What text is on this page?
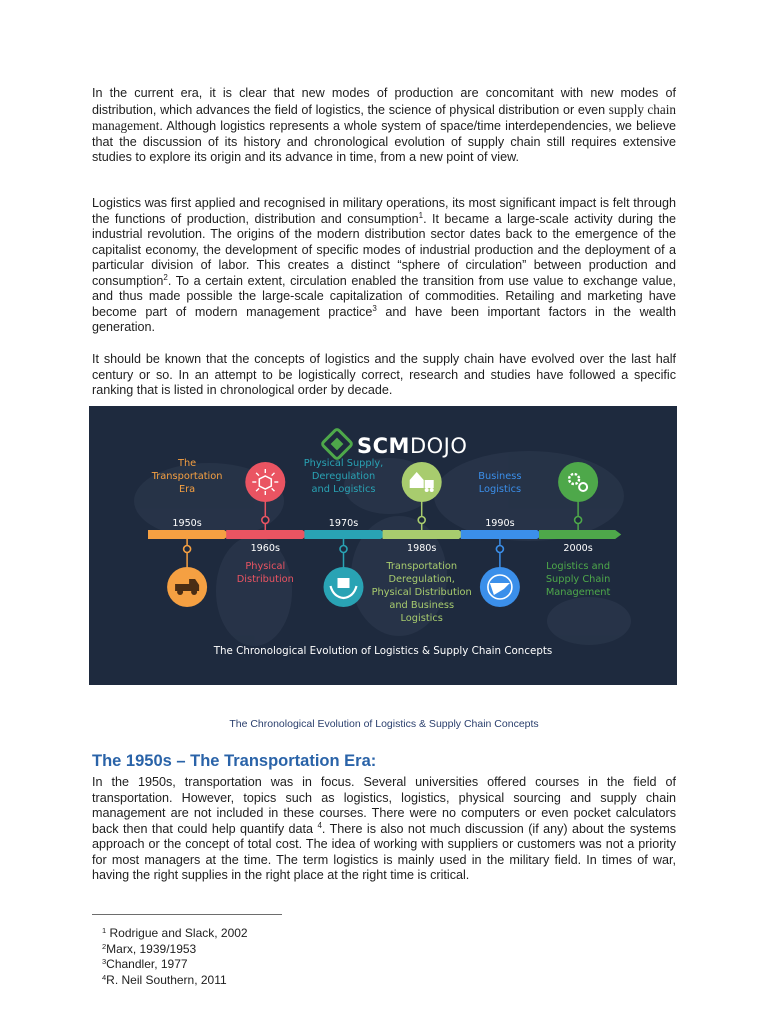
In the current era, it is clear that new modes of production are concomitant with new modes of distribution, which advances the field of logistics, the science of physical distribution or even supply chain management. Although logistics represents a whole system of space/time interdependencies, we believe that the discussion of its history and chronological evolution of supply chain still requires extensive studies to explore its origin and its advance in time, from a new point of view.

Logistics was first applied and recognised in military operations, its most significant impact is felt through the functions of production, distribution and consumption$^1$. It became a large-scale activity during the industrial revolution. The origins of the modern distribution sector dates back to the emergence of the capitalist economy, the development of specific modes of industrial production and the deployment of a particular division of labor. This creates a distinct “sphere of circulation” between production and consumption$^2$. To a certain extent, circulation enabled the transition from use value to exchange value, and thus made possible the large-scale capitalization of commodities. Retailing and marketing have become part of modern management practice$^3$ and have been important factors in the wealth generation.

It should be known that the concepts of logistics and the supply chain have evolved over the last half century or so. In an attempt to be logistically correct, research and studies have followed a specific ranking that is listed in chronological order by decade.

SCMDOJO
1950s
The Transportation Era
1960s
Physical Distribution
1970s
Physical Supply, Deregulation and Logistics
1980s
Transportation Deregulation, Physical Distribution and Business Logistics
1990s
Business Logistics
2000s
Logistics and Supply Chain Management
The Chronological Evolution of Logistics & Supply Chain Concepts
The Chronological Evolution of Logistics & Supply Chain Concepts
The 1950s – The Transportation Era:

In the 1950s, transportation was in focus. Several universities offered courses in the field of transportation. However, topics such as logistics, logistics, physical sourcing and supply chain management are not included in these courses. There were no computers or even pocket calculators back then that could help quantify data $^4$. There is also not much discussion (if any) about the systems approach or the concept of total cost. The idea of working with suppliers or customers was not a priority for most managers at the time. The term logistics is mainly used in the military field. In times of war, having the right supplies in the right place at the right time is critical.

$^1$ Rodrigue and Slack, 2002
$^2$Marx, 1939/1953
$^3$Chandler, 1977
$^4$R. Neil Southern, 2011
